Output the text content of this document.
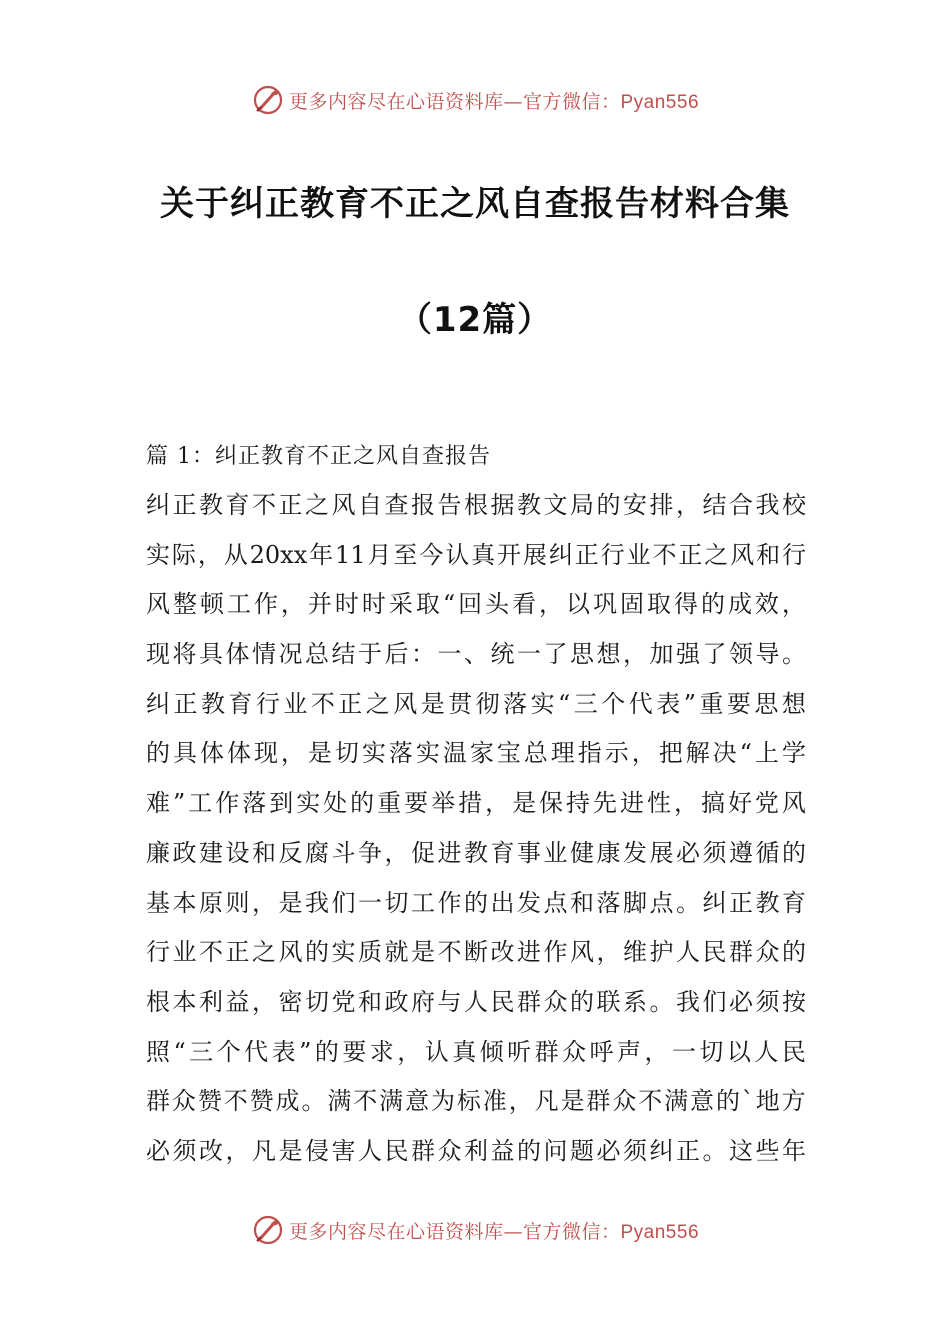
更多内容尽在心语资料库—官方微信：Pyan556
关于纠正教育不正之风自查报告材料合集
（12篇）
篇 1：纠正教育不正之风自查报告
纠 正 教 育 不 正 之 风 自 查 报 告 根 据 教 文 局 的 安 排 ， 结 合 我 校
实 际 ， 从 20xx 年 11 月 至 今 认 真 开 展 纠 正 行 业 不 正 之 风 和 行
风 整 顿 工 作 ， 并 时 时 采 取 “ 回 头 看 ， 以 巩 固 取 得 的 成 效 ，
现 将 具 体 情 况 总 结 于 后 ： 一 、 统 一 了 思 想 ， 加 强 了 领 导 。
纠 正 教 育 行 业 不 正 之 风 是 贯 彻 落 实 “ 三 个 代 表 ” 重 要 思 想
的 具 体 体 现 ， 是 切 实 落 实 温 家 宝 总 理 指 示 ， 把 解 决 “ 上 学
难 ” 工 作 落 到 实 处 的 重 要 举 措 ， 是 保 持 先 进 性 ， 搞 好 党 风
廉 政 建 设 和 反 腐 斗 争 ， 促 进 教 育 事 业 健 康 发 展 必 须 遵 循 的
基 本 原 则 ， 是 我 们 一 切 工 作 的 出 发 点 和 落 脚 点 。 纠 正 教 育
行 业 不 正 之 风 的 实 质 就 是 不 断 改 进 作 风 ， 维 护 人 民 群 众 的
根 本 利 益 ， 密 切 党 和 政 府 与 人 民 群 众 的 联 系 。 我 们 必 须 按
照 “ 三 个 代 表 ” 的 要 求 ， 认 真 倾 听 群 众 呼 声 ， 一 切 以 人 民
群 众 赞 不 赞 成 。 满 不 满 意 为 标 准 ， 凡 是 群 众 不 满 意 的 ` 地 方
必 须 改 ， 凡 是 侵 害 人 民 群 众 利 益 的 问 题 必 须 纠 正 。 这 些 年
更多内容尽在心语资料库—官方微信：Pyan556
